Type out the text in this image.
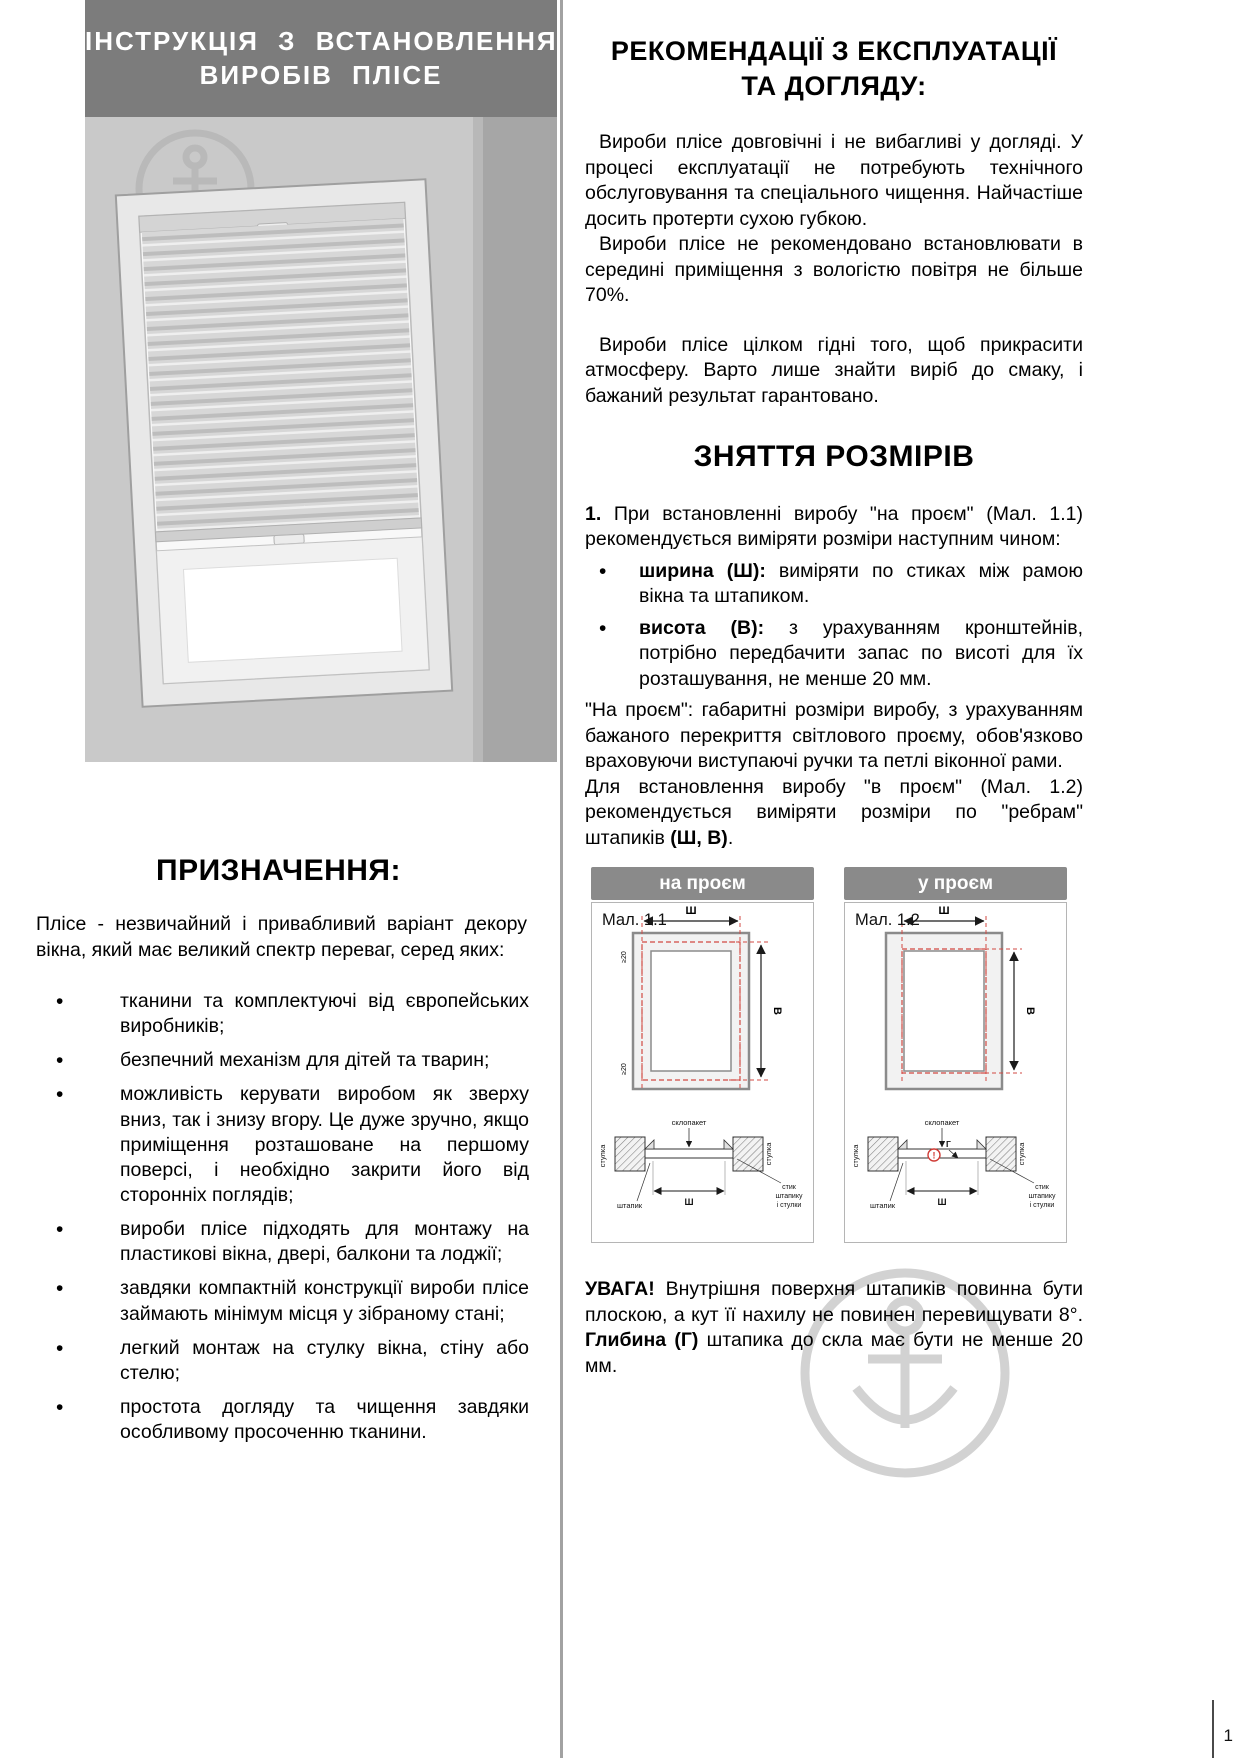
ІНСТРУКЦІЯ З ВСТАНОВЛЕННЯ
ВИРОБІВ ПЛІСЕ
ПРИЗНАЧЕННЯ:

Плісе - незвичайний і привабливий варіант декору вікна, який має великий спектр переваг, серед яких:

• тканини та комплектуючі від європейських виробників;
• безпечний механізм для дітей та тварин;
• можливість керувати виробом як зверху вниз, так і знизу вгору. Це дуже зручно, якщо приміщення розташоване на першому поверсі, і необхідно закрити його від сторонніх поглядів;
• вироби плісе підходять для монтажу на пластикові вікна, двері, балкони та лоджії;
• завдяки компактній конструкції вироби плісе займають мінімум місця у зібраному стані;
• легкий монтаж на стулку вікна, стіну або стелю;
• простота догляду та чищення завдяки особливому просоченню тканини.
РЕКОМЕНДАЦІЇ З ЕКСПЛУАТАЦІЇ
ТА ДОГЛЯДУ:

Вироби плісе довговічні і не вибагливі у догляді. У процесі експлуатації не потребують технічного обслуговування та спеціального чищення. Найчастіше досить протерти сухою губкою.

Вироби плісе не рекомендовано встановлювати в середині приміщення з вологістю повітря не більше 70%.

Вироби плісе цілком гідні того, щоб прикрасити атмосферу. Варто лише знайти виріб до смаку, і бажаний результат гарантовано.

ЗНЯТТЯ РОЗМІРІВ

1. При встановленні виробу "на проєм" (Мал. 1.1) рекомендується виміряти розміри наступним чином:

• ширина (Ш): виміряти по стиках між рамою вікна та штапиком.
• висота (В): з урахуванням кронштейнів, потрібно передбачити запас по висоті для їх розташування, не менше 20 мм.

"На проєм": габаритні розміри виробу, з урахуванням бажаного перекриття світлового проєму, обов'язково враховуючи виступаючі ручки та петлі віконної рами.

Для встановлення виробу "в проєм" (Мал. 1.2) рекомендується виміряти розміри по "ребрам" штапиків (Ш, В).

на проєм
Мал. 1.1 Ш
В
≥20
≥20
стулка
склопакет
стулка
штапик	Ш
стик
штапику
і стулки
у проєм
Мал. 1.2 Ш
В
стулка
склопакет
!
Г	стулка
штапик	Ш
стик
штапику
і стулки

УВАГА! Внутрішня поверхня штапиків повинна бути плоскою, а кут її нахилу не повинен перевищувати 8°. Глибина (Г) штапика до скла має бути не менше 20 мм.

1
